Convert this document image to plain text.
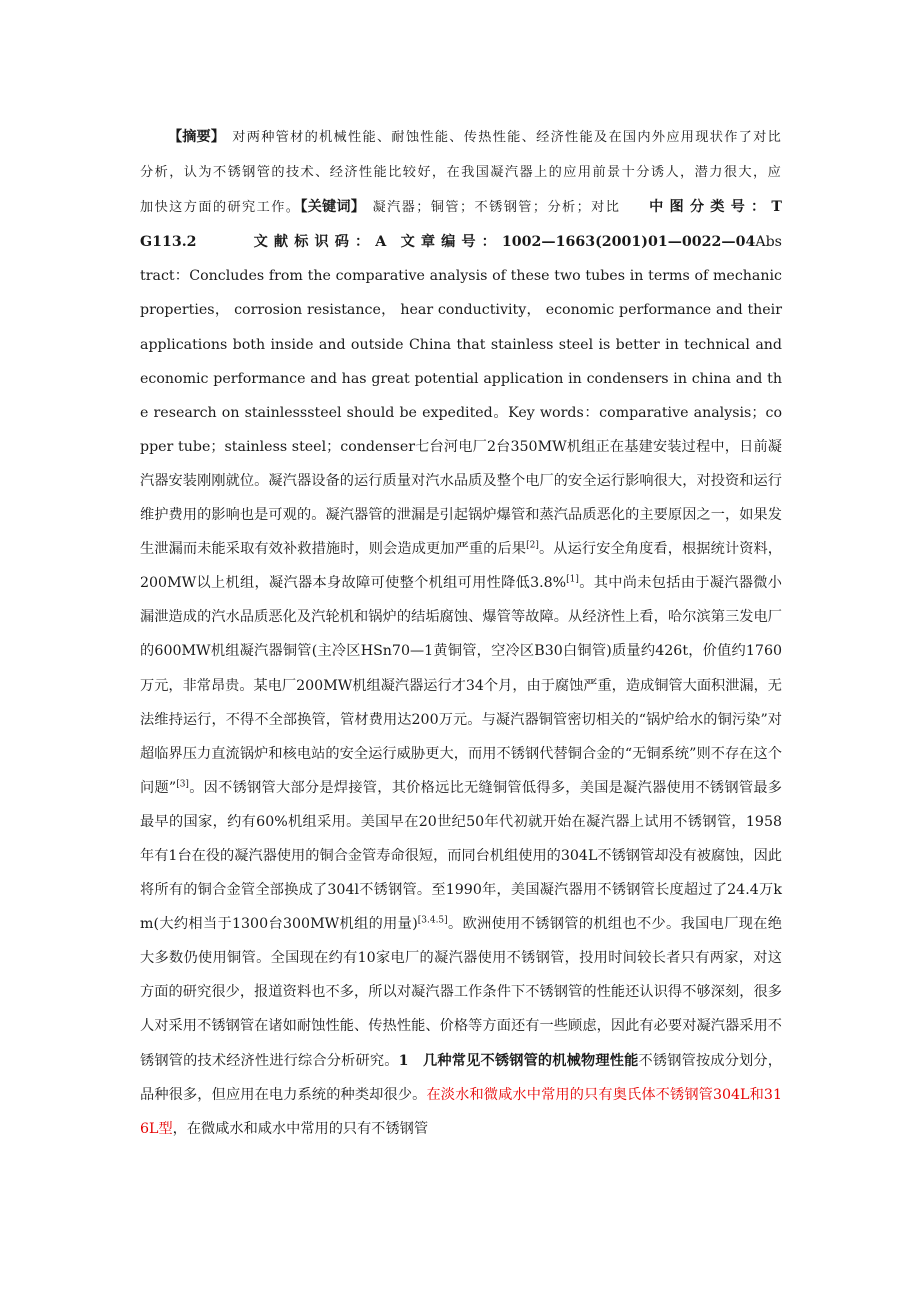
【摘要】　 对两种管材的机械性能、耐蚀性能、传热性能、经济性能及在国内外应用现状作了对比分析，认为不锈钢管的技术、经济性能比较好，在我国凝汽器上的应用前景十分诱人，潜力很大，应加快这方面的研究工作。【关键词】　 凝汽器；铜管；不锈钢管；分析；对比　　 中图分类号：TG113.2　　　　	文献标识码：A　 文章编号：1002—1663(2001)01—0022—04Abstract：Concludes from the comparative analysis of these two tubes in terms of mechanic properties， corrosion resistance， hear conductivity， economic performance and their applications both inside and outside China that stainless steel is better in technical and economic performance and has great potential application in condensers in china and the research on stainlesssteel should be expedited。Key words：comparative analysis；copper tube；stainless steel；condenser七台河电厂2台350MW机组正在基建安装过程中，日前凝汽器安装刚刚就位。凝汽器设备的运行质量对汽水品质及整个电厂的安全运行影响很大，对投资和运行维护费用的影响也是可观的。凝汽器管的泄漏是引起锅炉爆管和蒸汽品质恶化的主要原因之一，如果发生泄漏而未能采取有效补救措施时，则会造成更加严重的后果[2]。从运行安全角度看，根据统计资料，200MW以上机组，凝汽器本身故障可使整个机组可用性降低3.8%[1]。其中尚未包括由于凝汽器微小漏泄造成的汽水品质恶化及汽轮机和锅炉的结垢腐蚀、爆管等故障。从经济性上看，哈尔滨第三发电厂的600MW机组凝汽器铜管(主冷区HSn70—1黄铜管，空冷区B30白铜管)质量约426t，价值约1760万元，非常昂贵。某电厂200MW机组凝汽器运行才34个月，由于腐蚀严重，造成铜管大面积泄漏，无法维持运行，不得不全部换管，管材费用达200万元。与凝汽器铜管密切相关的“锅炉给水的铜污染”对超临界压力直流锅炉和核电站的安全运行威胁更大，而用不锈钢代替铜合金的“无铜系统”则不存在这个问题”[3]。因不锈钢管大部分是焊接管，其价格远比无缝铜管低得多，美国是凝汽器使用不锈钢管最多最早的国家，约有60%机组采用。美国早在20世纪50年代初就开始在凝汽器上试用不锈钢管，1958年有1台在役的凝汽器使用的铜合金管寿命很短，而同台机组使用的304L不锈钢管却没有被腐蚀，因此将所有的铜合金管全部换成了304l不锈钢管。至1990年，美国凝汽器用不锈钢管长度超过了24.4万km(大约相当于1300台300MW机组的用量)[3.4.5]。欧洲使用不锈钢管的机组也不少。我国电厂现在绝大多数仍使用铜管。全国现在约有10家电厂的凝汽器使用不锈钢管，投用时间较长者只有两家，对这方面的研究很少，报道资料也不多，所以对凝汽器工作条件下不锈钢管的性能还认识得不够深刻，很多人对采用不锈钢管在诸如耐蚀性能、传热性能、价格等方面还有一些顾虑，因此有必要对凝汽器采用不锈钢管的技术经济性进行综合分析研究。1　几种常见不锈钢管的机械物理性能不锈钢管按成分划分，品种很多，但应用在电力系统的种类却很少。在淡水和微咸水中常用的只有奥氏体不锈钢管304L和316L型，在微咸水和咸水中常用的只有不锈钢管
